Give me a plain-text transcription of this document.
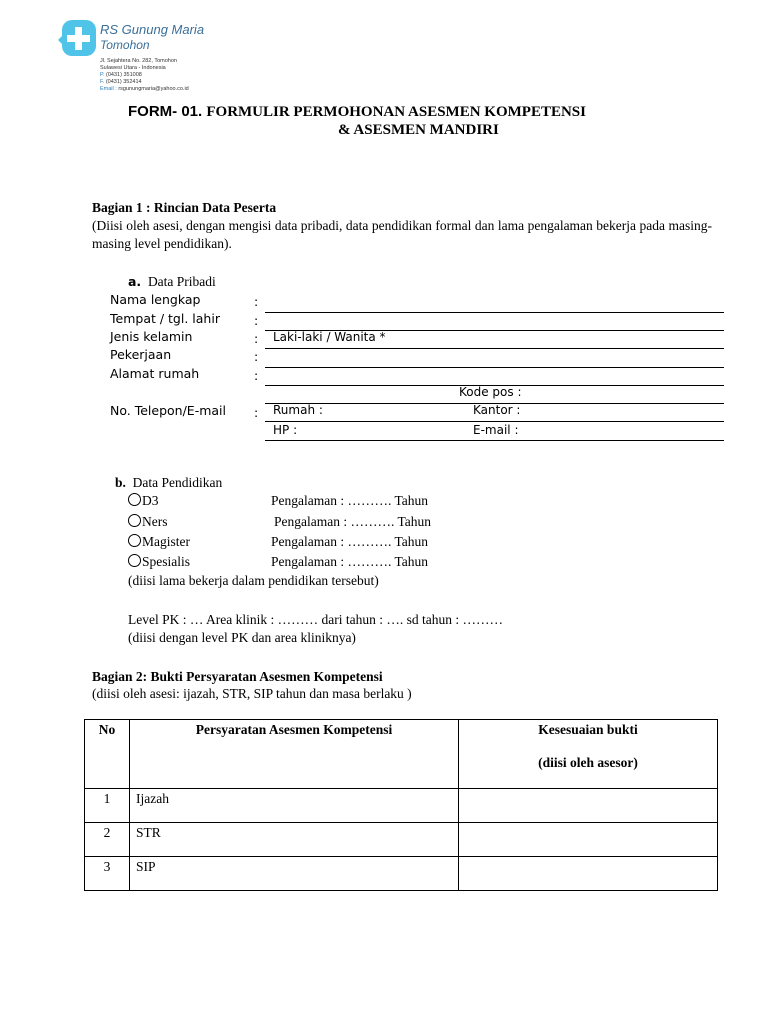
RS Gunung Maria
Tomohon
Jl. Sejahtera No. 282, Tomohon
Sulawesi Utara - Indonesia
P. (0431) 351008
F. (0431) 352414
Email : rsgunungmaria@yahoo.co.id
FORM- 01. FORMULIR PERMOHONAN ASESMEN KOMPETENSI
& ASESMEN MANDIRI
Bagian 1 : Rincian Data Peserta
(Diisi oleh asesi, dengan mengisi data pribadi, data pendidikan formal dan lama pengalaman bekerja pada masing-masing level pendidikan).
a. Data Pribadi
Nama lengkap	:
Tempat / tgl. lahir	:
Jenis kelamin	: Laki-laki / Wanita *
Pekerjaan	:
Alamat rumah	:
Kode pos :
No. Telepon/E-mail : Rumah :	Kantor :
HP :	E-mail :
b. Data Pendidikan
D3	Pengalaman : ………. Tahun
Ners	Pengalaman : ………. Tahun
Magister	Pengalaman : ………. Tahun
Spesialis	Pengalaman : ………. Tahun
(diisi lama bekerja dalam pendidikan tersebut)
Level PK : … Area klinik : ……… dari tahun : …. sd tahun : ………
(diisi dengan level PK dan area kliniknya)
Bagian 2: Bukti Persyaratan Asesmen Kompetensi
(diisi oleh asesi: ijazah, STR, SIP tahun dan masa berlaku )
No	Persyaratan Asesmen Kompetensi	Kesesuaian bukti
(diisi oleh asesor)

1	Ijazah	

2	STR	

3	SIP	
